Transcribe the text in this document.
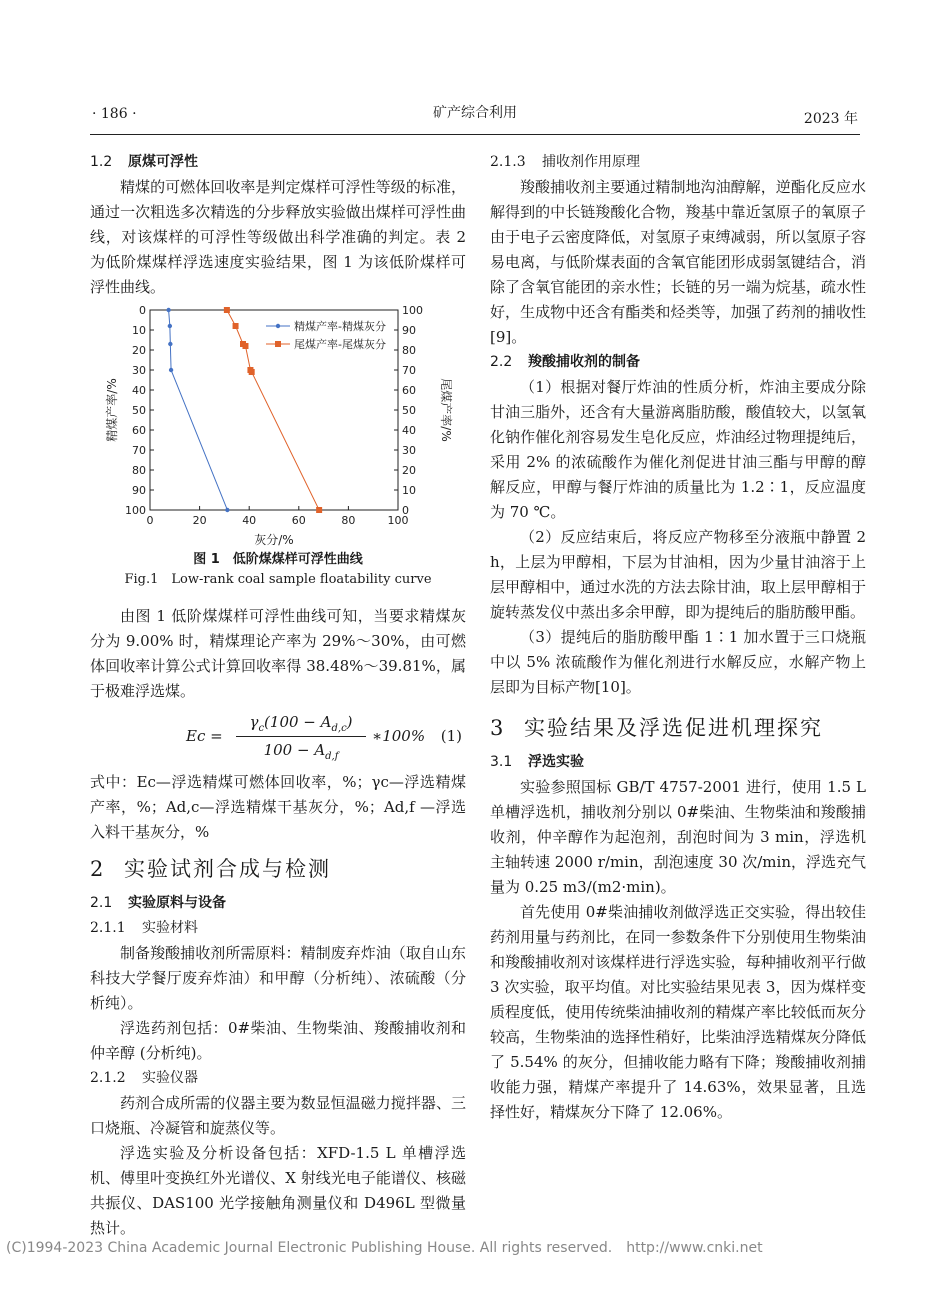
· 186 ·	矿产综合利用	2023 年
1.2 原煤可浮性

精煤的可燃体回收率是判定煤样可浮性等级的标准，通过一次粗选多次精选的分步释放实验做出煤样可浮性曲线，对该煤样的可浮性等级做出科学准确的判定。表 2 为低阶煤煤样浮选速度实验结果，图 1 为该低阶煤样可浮性曲线。

0	20	40	60	80	100
0
10
20
30
40
50
60
70
80
90
100
100
90
80
70
60
50
40
30
20
10
0
灰分/%
精煤产率/%	尾煤产率/%
精煤产率-精煤灰分
尾煤产率-尾煤灰分
图 1　低阶煤煤样可浮性曲线
Fig.1　Low-rank coal sample floatability curve

由图 1 低阶煤煤样可浮性曲线可知，当要求精煤灰分为 9.00% 时，精煤理论产率为 29%～30%，由可燃体回收率计算公式计算回收率得 38.48%～39.81%，属于极难浮选煤。

Ec =
$\gamma_c(100 - A_{d,c})$
$100 - A_{d,f}$
∗100% (1)

式中：Ec—浮选精煤可燃体回收率，%；γc—浮选精煤产率，%；Ad,c—浮选精煤干基灰分，%；Ad,f —浮选入料干基灰分，%

2 实验试剂合成与检测
2.1 实验原料与设备
2.1.1 实验材料

制备羧酸捕收剂所需原料：精制废弃炸油（取自山东科技大学餐厅废弃炸油）和甲醇（分析纯）、浓硫酸（分析纯）。

浮选药剂包括：0#柴油、生物柴油、羧酸捕收剂和仲辛醇 (分析纯)。

2.1.2 实验仪器

药剂合成所需的仪器主要为数显恒温磁力搅拌器、三口烧瓶、冷凝管和旋蒸仪等。

浮选实验及分析设备包括：XFD-1.5 L 单槽浮选机、傅里叶变换红外光谱仪、X 射线光电子能谱仪、核磁共振仪、DAS100 光学接触角测量仪和 D496L 型微量热计。

2.1.3 捕收剂作用原理

羧酸捕收剂主要通过精制地沟油醇解，逆酯化反应水解得到的中长链羧酸化合物，羧基中靠近氢原子的氧原子由于电子云密度降低，对氢原子束缚减弱，所以氢原子容易电离，与低阶煤表面的含氧官能团形成弱氢键结合，消除了含氧官能团的亲水性；长链的另一端为烷基，疏水性好，生成物中还含有酯类和烃类等，加强了药剂的捕收性[9]。

2.2 羧酸捕收剂的制备

（1）根据对餐厅炸油的性质分析，炸油主要成分除甘油三脂外，还含有大量游离脂肪酸，酸值较大，以氢氧化钠作催化剂容易发生皂化反应，炸油经过物理提纯后，采用 2% 的浓硫酸作为催化剂促进甘油三酯与甲醇的醇解反应，甲醇与餐厅炸油的质量比为 1.2∶1，反应温度为 70 ℃。

（2）反应结束后，将反应产物移至分液瓶中静置 2 h，上层为甲醇相，下层为甘油相，因为少量甘油溶于上层甲醇相中，通过水洗的方法去除甘油，取上层甲醇相于旋转蒸发仪中蒸出多余甲醇，即为提纯后的脂肪酸甲酯。

（3）提纯后的脂肪酸甲酯 1∶1 加水置于三口烧瓶中以 5% 浓硫酸作为催化剂进行水解反应，水解产物上层即为目标产物[10]。

3 实验结果及浮选促进机理探究
3.1 浮选实验

实验参照国标 GB/T 4757-2001 进行，使用 1.5 L 单槽浮选机，捕收剂分别以 0#柴油、生物柴油和羧酸捕收剂，仲辛醇作为起泡剂，刮泡时间为 3 min，浮选机主轴转速 2000 r/min，刮泡速度 30 次/min，浮选充气量为 0.25 m3/(m2·min)。

首先使用 0#柴油捕收剂做浮选正交实验，得出较佳药剂用量与药剂比，在同一参数条件下分别使用生物柴油和羧酸捕收剂对该煤样进行浮选实验，每种捕收剂平行做 3 次实验，取平均值。对比实验结果见表 3，因为煤样变质程度低，使用传统柴油捕收剂的精煤产率比较低而灰分较高，生物柴油的选择性稍好，比柴油浮选精煤灰分降低了 5.54% 的灰分，但捕收能力略有下降；羧酸捕收剂捕收能力强，精煤产率提升了 14.63%，效果显著，且选择性好，精煤灰分下降了 12.06%。

(C)1994-2023 China Academic Journal Electronic Publishing House. All rights reserved. http://www.cnki.net
